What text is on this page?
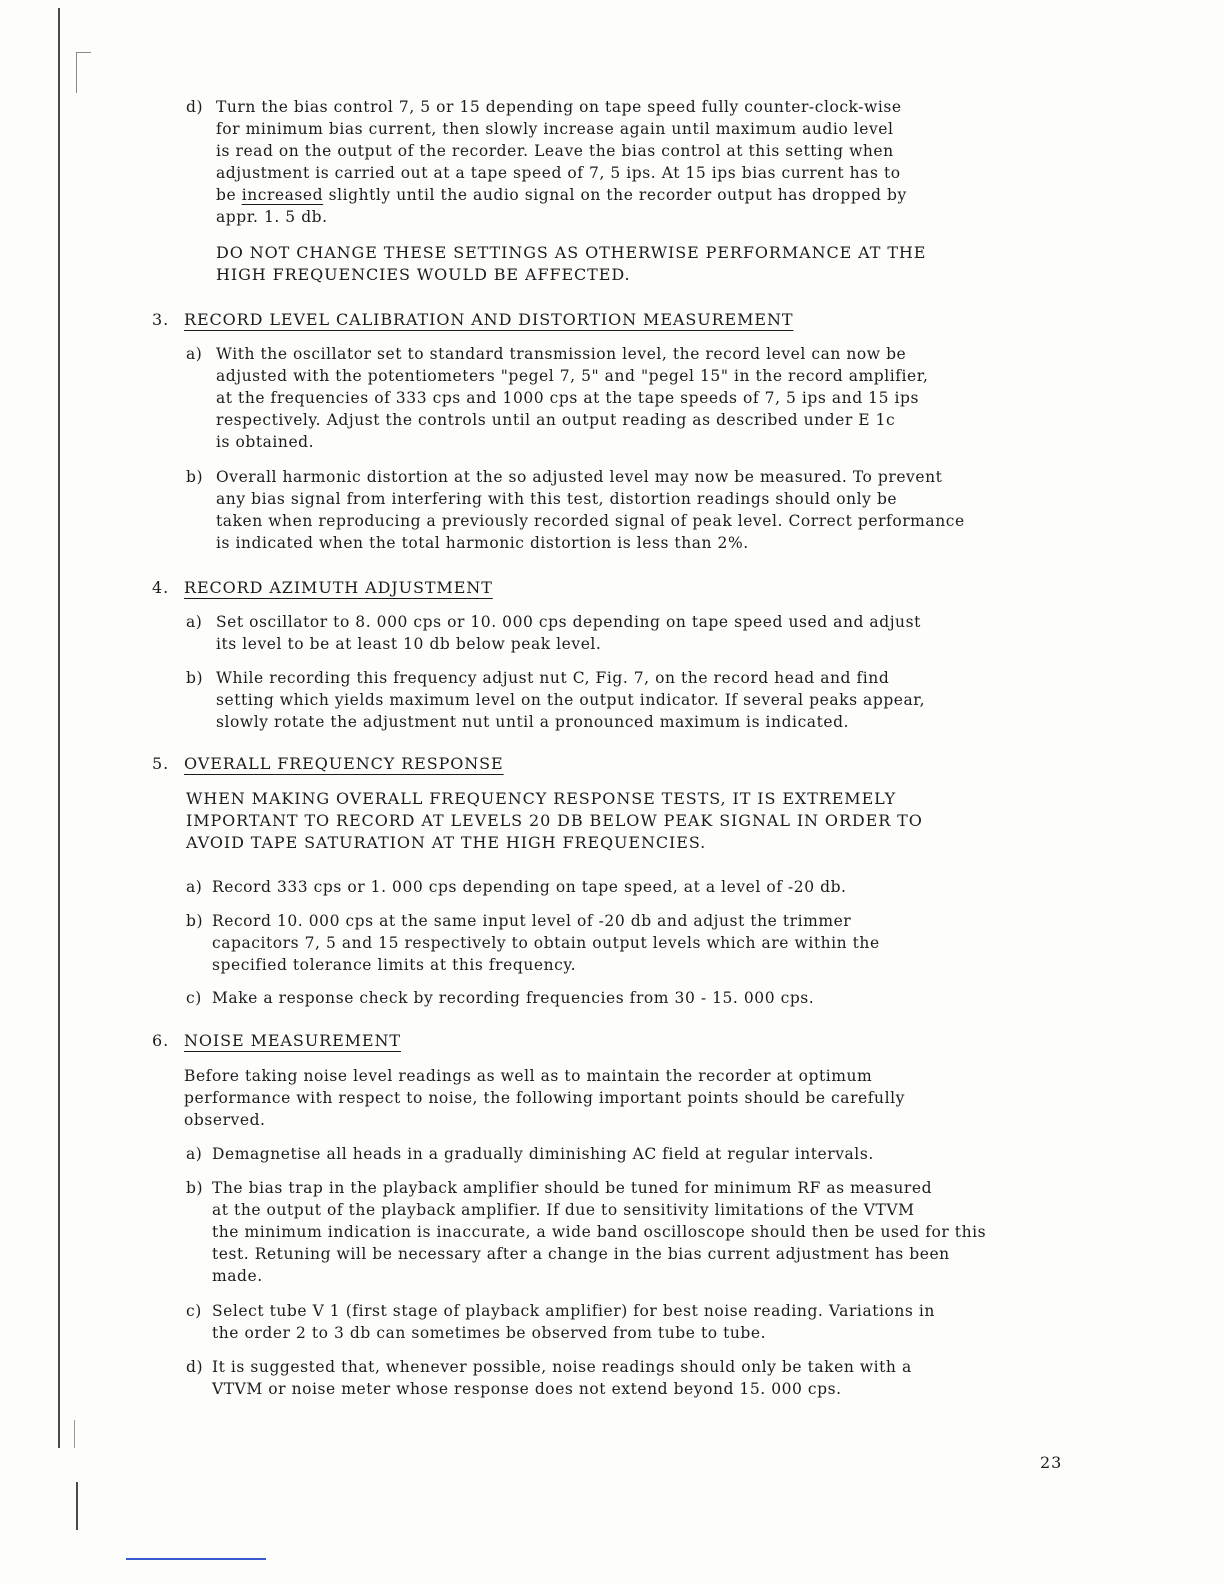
d) Turn the bias control 7, 5 or 15 depending on tape speed fully counter-clock-wise
for minimum bias current, then slowly increase again until maximum audio level
is read on the output of the recorder. Leave the bias control at this setting when
adjustment is carried out at a tape speed of 7, 5 ips. At 15 ips bias current has to
be increased slightly until the audio signal on the recorder output has dropped by
appr. 1. 5 db.
DO NOT CHANGE THESE SETTINGS AS OTHERWISE PERFORMANCE AT THE
HIGH FREQUENCIES WOULD BE AFFECTED.
3. RECORD LEVEL CALIBRATION AND DISTORTION MEASUREMENT
a) With the oscillator set to standard transmission level, the record level can now be
adjusted with the potentiometers "pegel 7, 5" and "pegel 15" in the record amplifier,
at the frequencies of 333 cps and 1000 cps at the tape speeds of 7, 5 ips and 15 ips
respectively. Adjust the controls until an output reading as described under E 1c
is obtained.
b) Overall harmonic distortion at the so adjusted level may now be measured. To prevent
any bias signal from interfering with this test, distortion readings should only be
taken when reproducing a previously recorded signal of peak level. Correct performance
is indicated when the total harmonic distortion is less than 2%.
4. RECORD AZIMUTH ADJUSTMENT
a) Set oscillator to 8. 000 cps or 10. 000 cps depending on tape speed used and adjust
its level to be at least 10 db below peak level.
b) While recording this frequency adjust nut C, Fig. 7, on the record head and find
setting which yields maximum level on the output indicator. If several peaks appear,
slowly rotate the adjustment nut until a pronounced maximum is indicated.
5. OVERALL FREQUENCY RESPONSE
WHEN MAKING OVERALL FREQUENCY RESPONSE TESTS, IT IS EXTREMELY
IMPORTANT TO RECORD AT LEVELS 20 DB BELOW PEAK SIGNAL IN ORDER TO
AVOID TAPE SATURATION AT THE HIGH FREQUENCIES.
a) Record 333 cps or 1. 000 cps depending on tape speed, at a level of -20 db.
b) Record 10. 000 cps at the same input level of -20 db and adjust the trimmer
capacitors 7, 5 and 15 respectively to obtain output levels which are within the
specified tolerance limits at this frequency.
c) Make a response check by recording frequencies from 30 - 15. 000 cps.
6. NOISE MEASUREMENT
Before taking noise level readings as well as to maintain the recorder at optimum
performance with respect to noise, the following important points should be carefully
observed.
a) Demagnetise all heads in a gradually diminishing AC field at regular intervals.
b) The bias trap in the playback amplifier should be tuned for minimum RF as measured
at the output of the playback amplifier. If due to sensitivity limitations of the VTVM
the minimum indication is inaccurate, a wide band oscilloscope should then be used for this
test. Retuning will be necessary after a change in the bias current adjustment has been
made.
c) Select tube V 1 (first stage of playback amplifier) for best noise reading. Variations in
the order 2 to 3 db can sometimes be observed from tube to tube.
d) It is suggested that, whenever possible, noise readings should only be taken with a
VTVM or noise meter whose response does not extend beyond 15. 000 cps.
23
